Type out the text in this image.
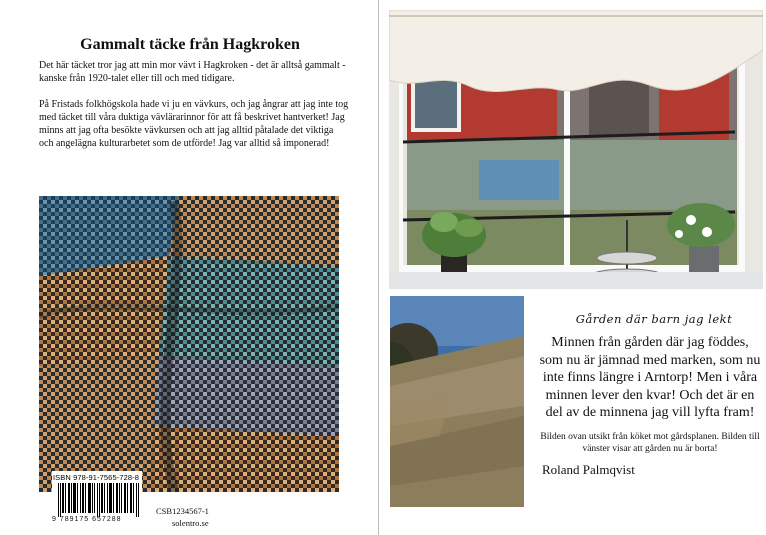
Gammalt täcke från Hagkroken
Det här täcket tror jag att min mor vävt i Hagkroken - det är alltså gammalt - kanske från 1920-talet eller till och med tidigare.
På Fristads folkhögskola hade vi ju en vävkurs, och jag ångrar att jag inte tog med täcket till våra duktiga vävlärarinnor för att få beskrivet hantverket! Jag minns att jag ofta besökte vävkursen och att jag alltid påtalade det viktiga och angelägna kulturarbetet som de utförde! Jag var alltid så imponerad!
ISBN 978-91-7565-728-8
9 789175 657288
CSB1234567-1
solentro.se
Gården där barn jag lekt
Minnen från gården där jag föddes, som nu är jämnad med marken, som nu inte finns längre i Arntorp! Men i våra minnen lever den kvar! Och det är en del av de minnena jag vill lyfta fram!
Bilden ovan utsikt från köket mot gårdsplanen. Bilden till vänster visar att gården nu är borta!
Roland Palmqvist
